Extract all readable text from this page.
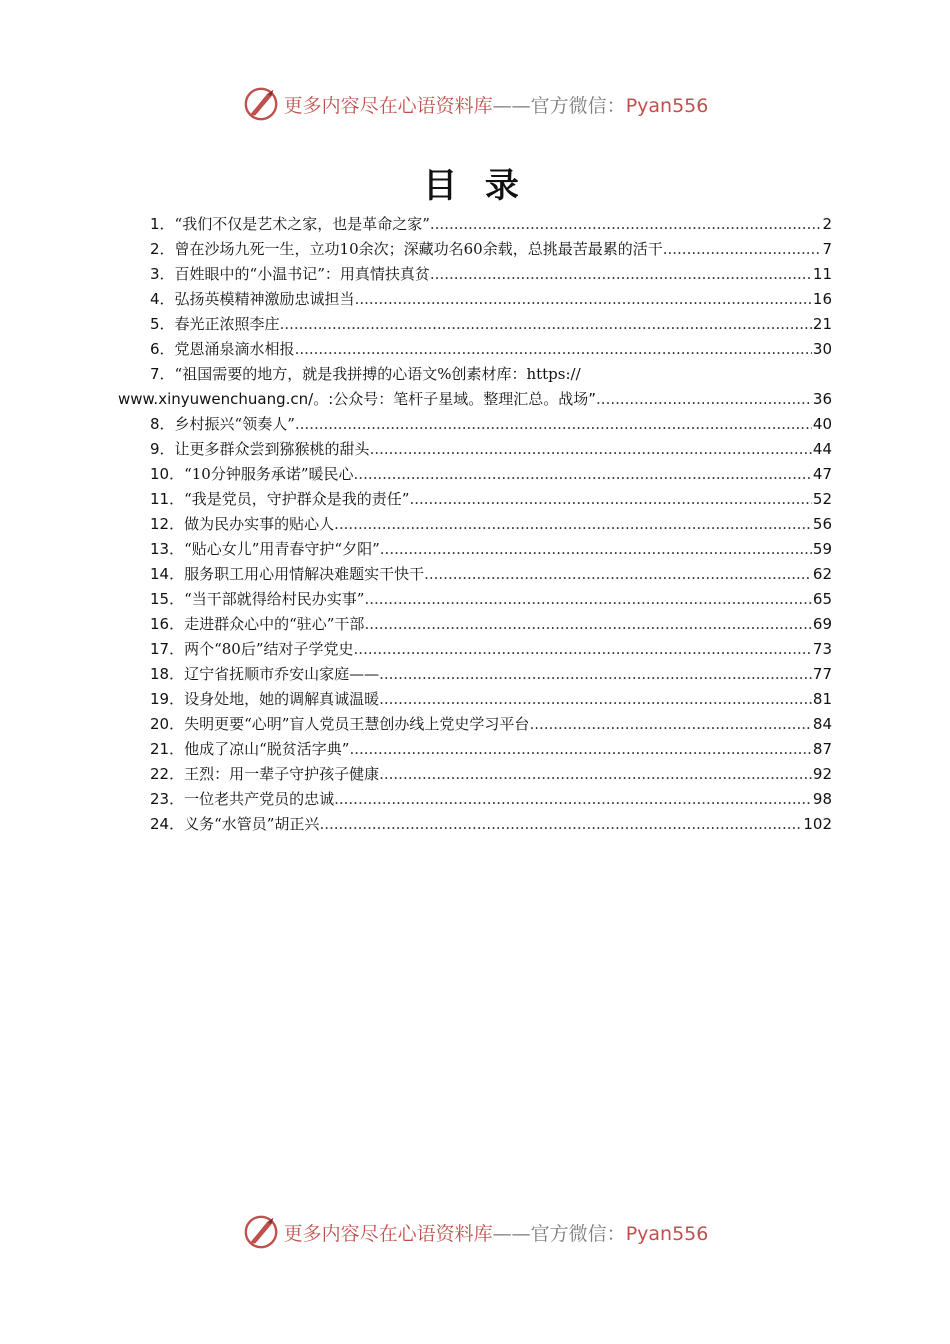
更多内容尽在心语资料库——官方微信：Pyan556
目 录
1． “我们不仅是艺术之家，也是革命之家” .....	2
2． 曾在沙场九死一生，立功10余次；深藏功名60余载，总挑最苦最累的活干 .....	7
3． 百姓眼中的“小温书记”：用真情扶真贫 .....	11
4． 弘扬英模精神激励忠诚担当 .....	16
5． 春光正浓照李庄 .....	21
6． 党恩涌泉滴水相报 .....	30
7． “祖国需要的地方，就是我拼搏的心语文%创素材库：https://
www.xinyuwenchuang.cn/。:公众号：笔杆子星域。整理汇总。战场” .....	36
8． 乡村振兴“领奏人” .....	40
9． 让更多群众尝到猕猴桃的甜头 .....	44
10． “10分钟服务承诺”暖民心 .....	47
11． “我是党员，守护群众是我的责任” .....	52
12． 做为民办实事的贴心人 .....	56
13． “贴心女儿”用青春守护“夕阳” .....	59
14． 服务职工用心用情解决难题实干快干 .....	62
15． “当干部就得给村民办实事” .....	65
16． 走进群众心中的“驻心”干部 .....	69
17． 两个“80后”结对子学党史 .....	73
18． 辽宁省抚顺市乔安山家庭—— .....	77
19． 设身处地，她的调解真诚温暖 .....	81
20． 失明更要“心明”盲人党员王慧创办线上党史学习平台 .....	84
21． 他成了凉山“脱贫活字典” .....	87
22． 王烈：用一辈子守护孩子健康 .....	92
23． 一位老共产党员的忠诚 .....	98
24． 义务“水管员”胡正兴 .....	102
更多内容尽在心语资料库——官方微信：Pyan556
